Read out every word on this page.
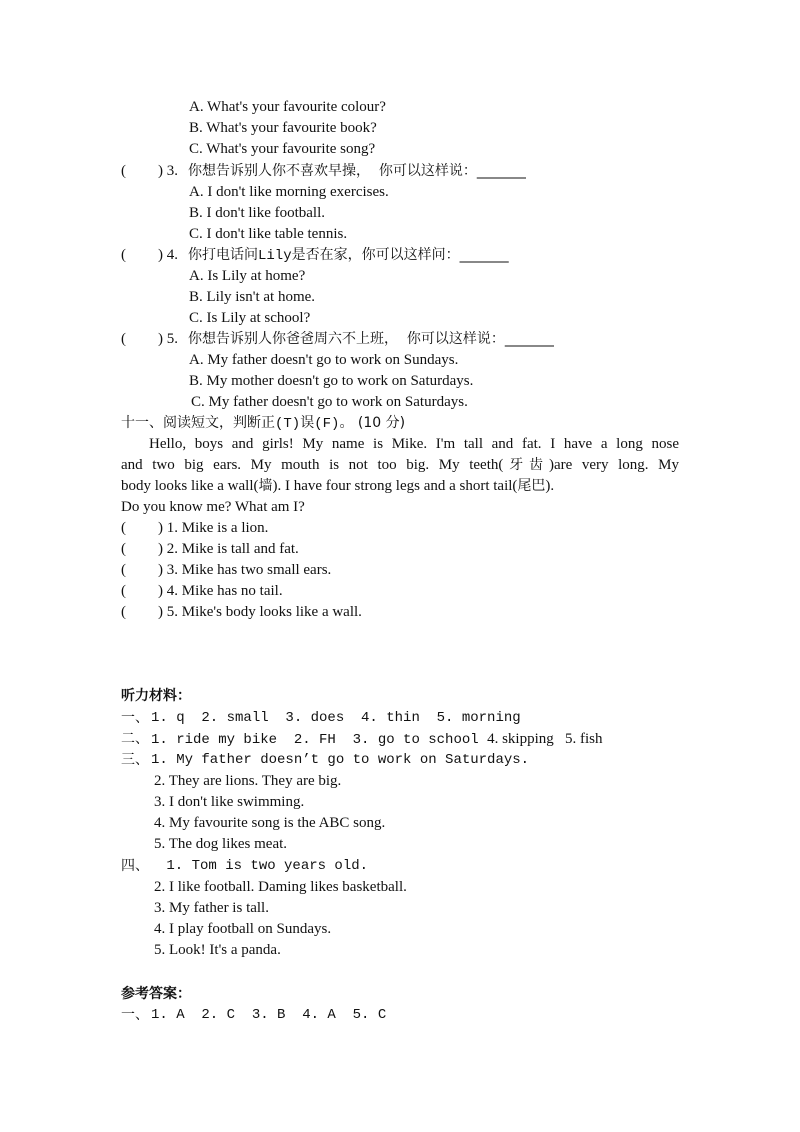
A. What's your favourite colour?
B. What's your favourite book?
C. What's your favourite song?
( ) 3. 你想告诉别人你不喜欢早操，  你可以这样说：_______
A. I don't like morning exercises.
B. I don't like football.
C. I don't like table tennis.
( ) 4. 你打电话问Lily是否在家，你可以这样问：_______
A. Is Lily at home?
B. Lily isn't at home.
C. Is Lily at school?
( ) 5. 你想告诉别人你爸爸周六不上班，  你可以这样说：_______
A. My father doesn't go to work on Sundays.
B. My mother doesn't go to work on Saturdays.
C. My father doesn't go to work on Saturdays.
十一、阅读短文，判断正(T)误(F)。 (10 分)
Hello, boys and girls! My name is Mike. I'm tall and fat. I have a long nose
and two big ears. My mouth is not too big. My teeth(牙齿)are very long. My
body looks like a wall(墙). I have four strong legs and a short tail(尾巴).
Do you know me? What am I?
( ) 1. Mike is a lion.
( ) 2. Mike is tall and fat.
( ) 3. Mike has two small ears.
( ) 4. Mike has no tail.
( ) 5. Mike's body looks like a wall.
听力材料：
一、 1. q  2. small  3. does  4. thin  5. morning
二、 1. ride my bike  2. FH  3. go to school 4. skipping   5. fish
三、 1. My father doesn’t go to work on Saturdays.
2. They are lions. They are big.
3. I don't like swimming.
4. My favourite song is the ABC song.
5. The dog likes meat.
四、 1. Tom is two years old.
2. I like football. Daming likes basketball.
3. My father is tall.
4. I play football on Sundays.
5. Look! It's a panda.
参考答案：
一、 1. A  2. C  3. B  4. A  5. C
